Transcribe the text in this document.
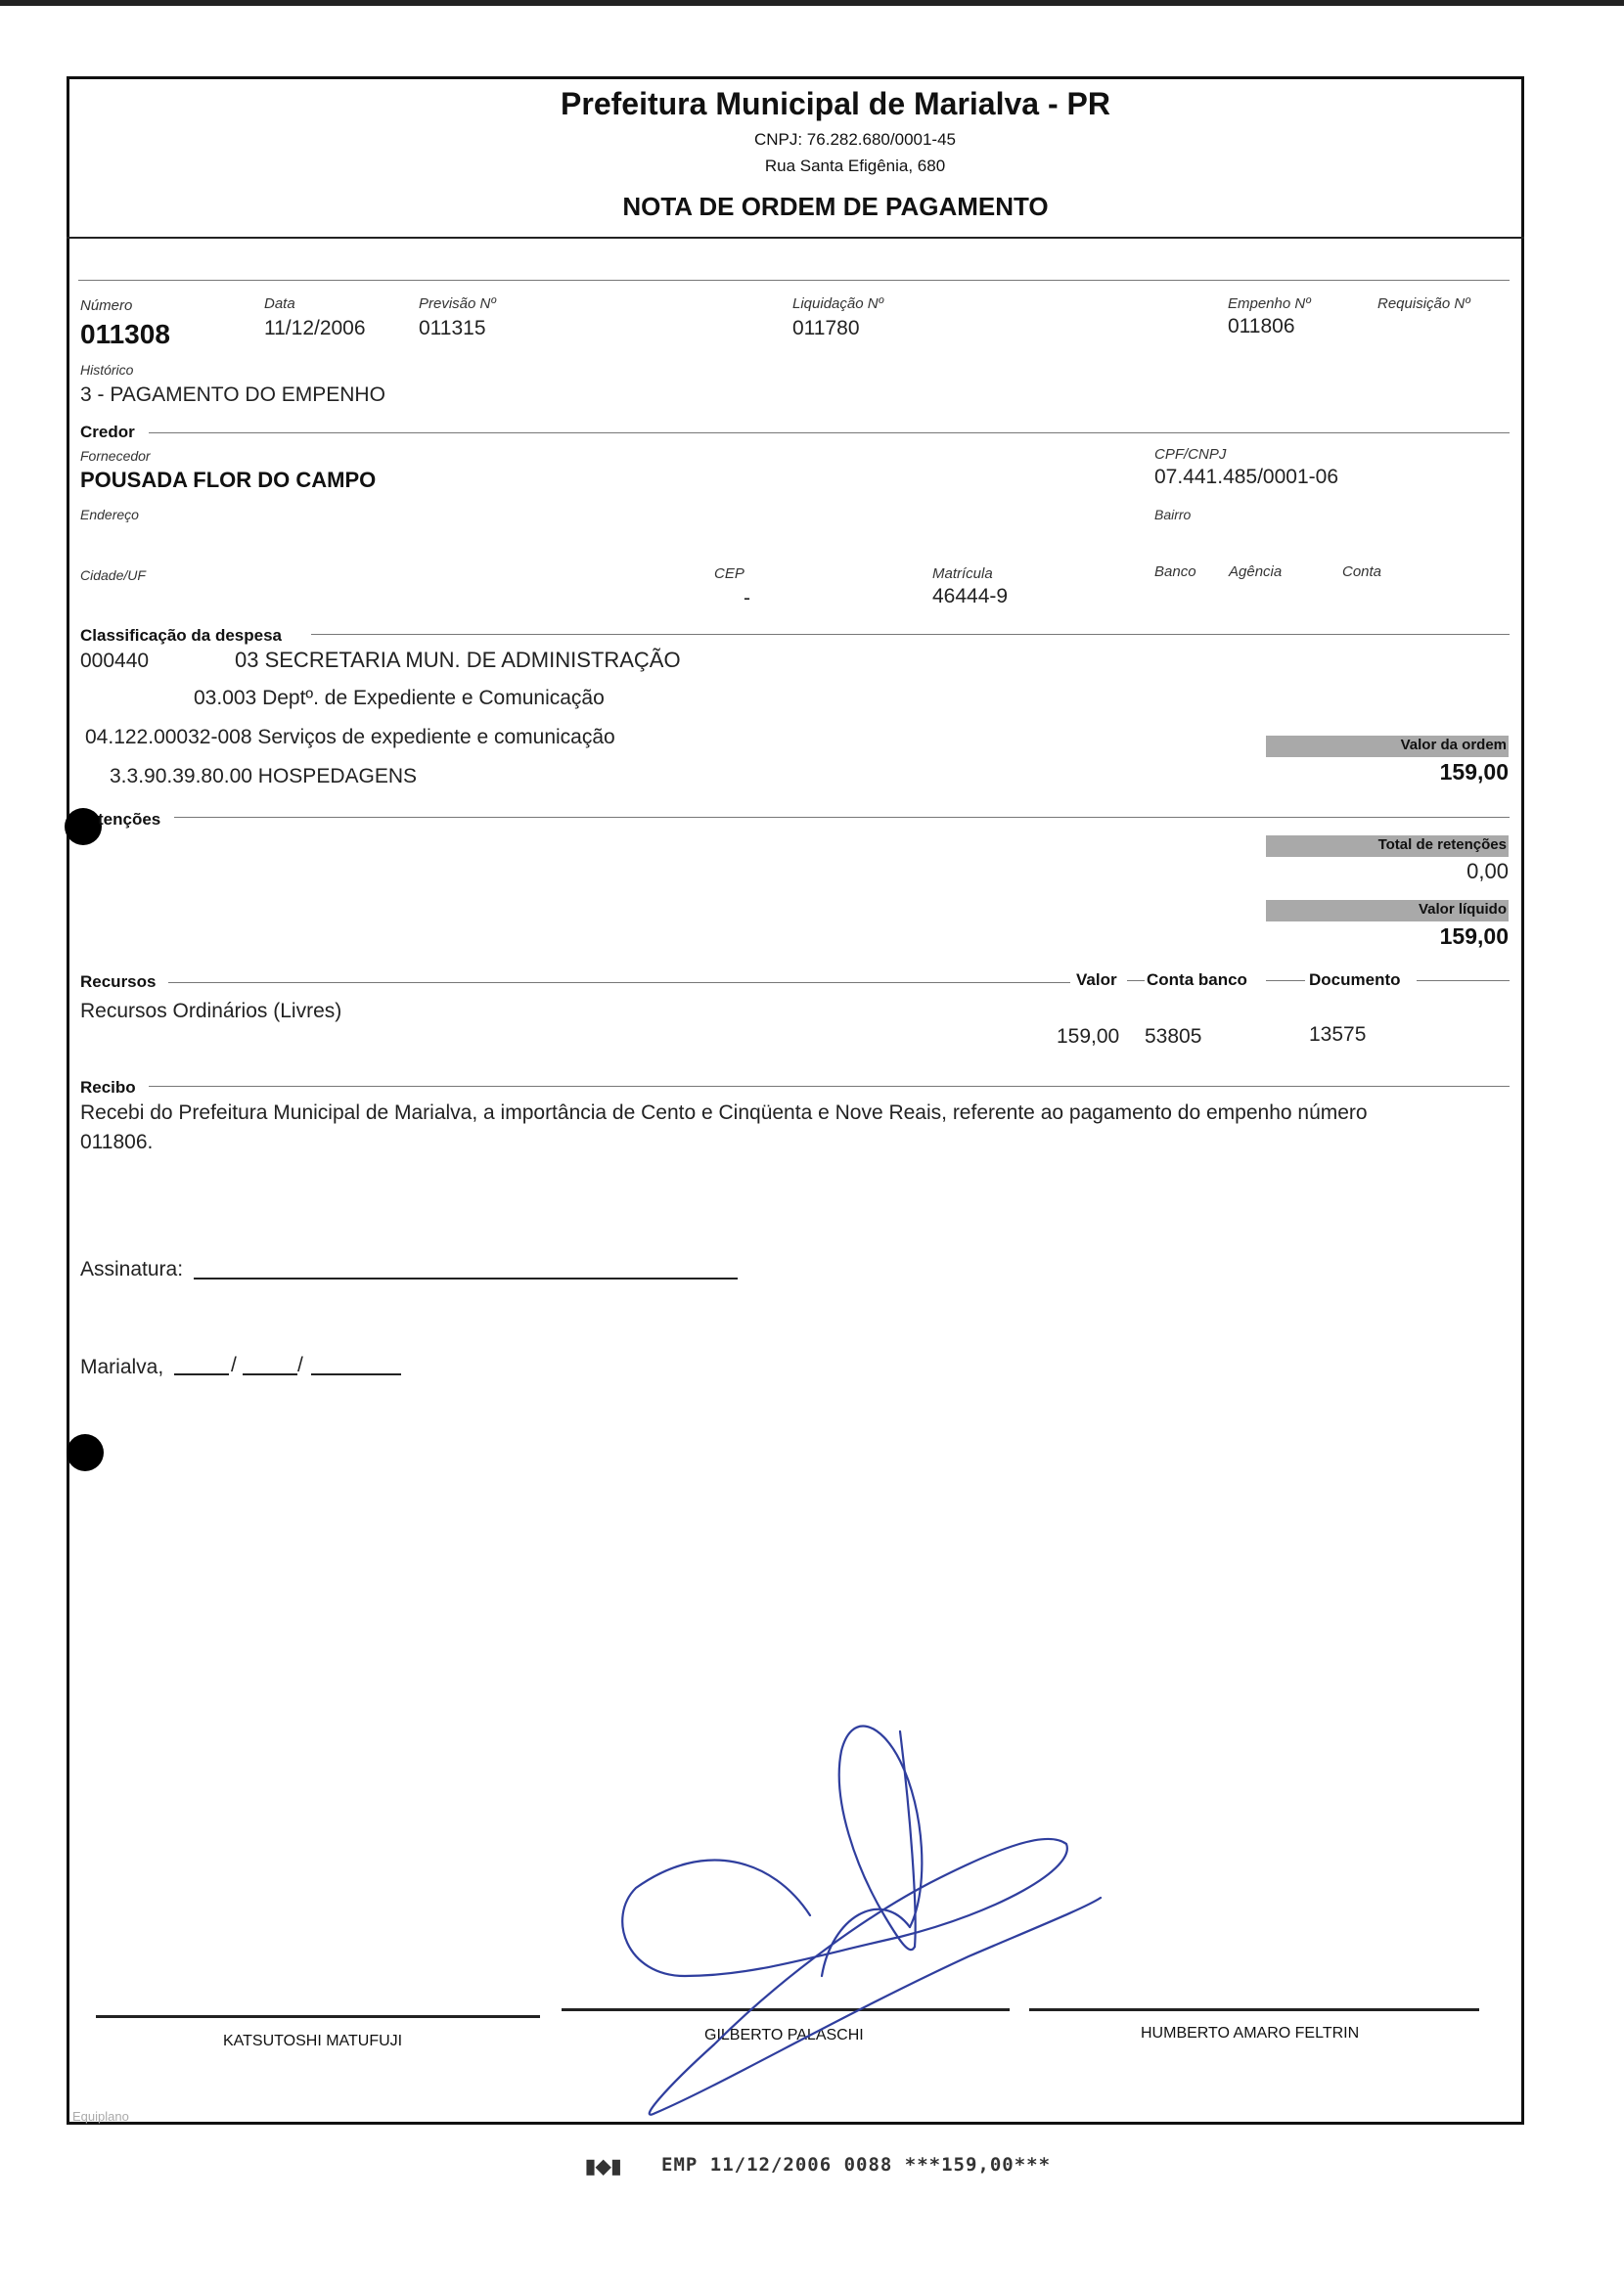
Prefeitura Municipal de Marialva - PR
CNPJ: 76.282.680/0001-45
Rua Santa Efigênia, 680
NOTA DE ORDEM DE PAGAMENTO
Número
011308
Data
11/12/2006
Previsão Nº
011315
Liquidação Nº
011780
Empenho Nº
011806
Requisição Nº
Histórico
3 - PAGAMENTO DO EMPENHO
Credor
Fornecedor
POUSADA FLOR DO CAMPO
CPF/CNPJ
07.441.485/0001-06
Endereço	Bairro
Cidade/UF	CEP
-
Matrícula
46444-9
Banco Agência	Conta
Classificação da despesa
000440	03 SECRETARIA MUN. DE ADMINISTRAÇÃO
03.003 Deptº. de Expediente e Comunicação
04.122.00032-008 Serviços de expediente e comunicação
3.3.90.39.80.00 HOSPEDAGENS
Valor da ordem
159,00
tenções
Total de retenções
0,00
Valor líquido
159,00
Recursos	Valor Conta banco	Documento
Recursos Ordinários (Livres)
159,00 53805	13575
Recibo
Recebi do Prefeitura Municipal de Marialva, a importância de Cento e Cinqüenta e Nove Reais, referente ao pagamento do empenho número
011806.
Assinatura:
Marialva,	/	/
KATSUTOSHI MATUFUJI	GILBERTO PALASCHI	HUMBERTO AMARO FELTRIN
Equiplano
▮◆▮ EMP 11/12/2006 0088 ***159,00***
